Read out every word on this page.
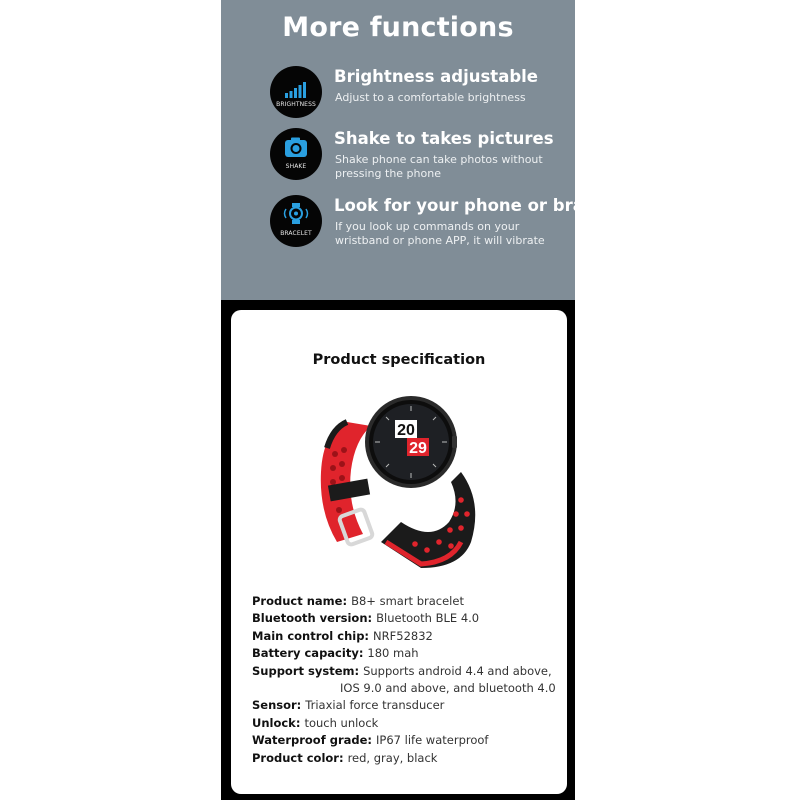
More functions
BRIGHTNESS
Brightness adjustable
Adjust to a comfortable brightness
SHAKE
Shake to takes pictures
Shake phone can take photos without pressing the phone
BRACELET
Look for your phone or bracelet
If you look up commands on your wristband or phone APP, it will vibrate
Product specification
20
29
Product name: B8+ smart bracelet
Bluetooth version: Bluetooth BLE 4.0
Main control chip: NRF52832
Battery capacity: 180 mah
Support system: Supports android 4.4 and above,
IOS 9.0 and above, and bluetooth 4.0
Sensor: Triaxial force transducer
Unlock: touch unlock
Waterproof grade: IP67 life waterproof
Product color: red, gray, black
